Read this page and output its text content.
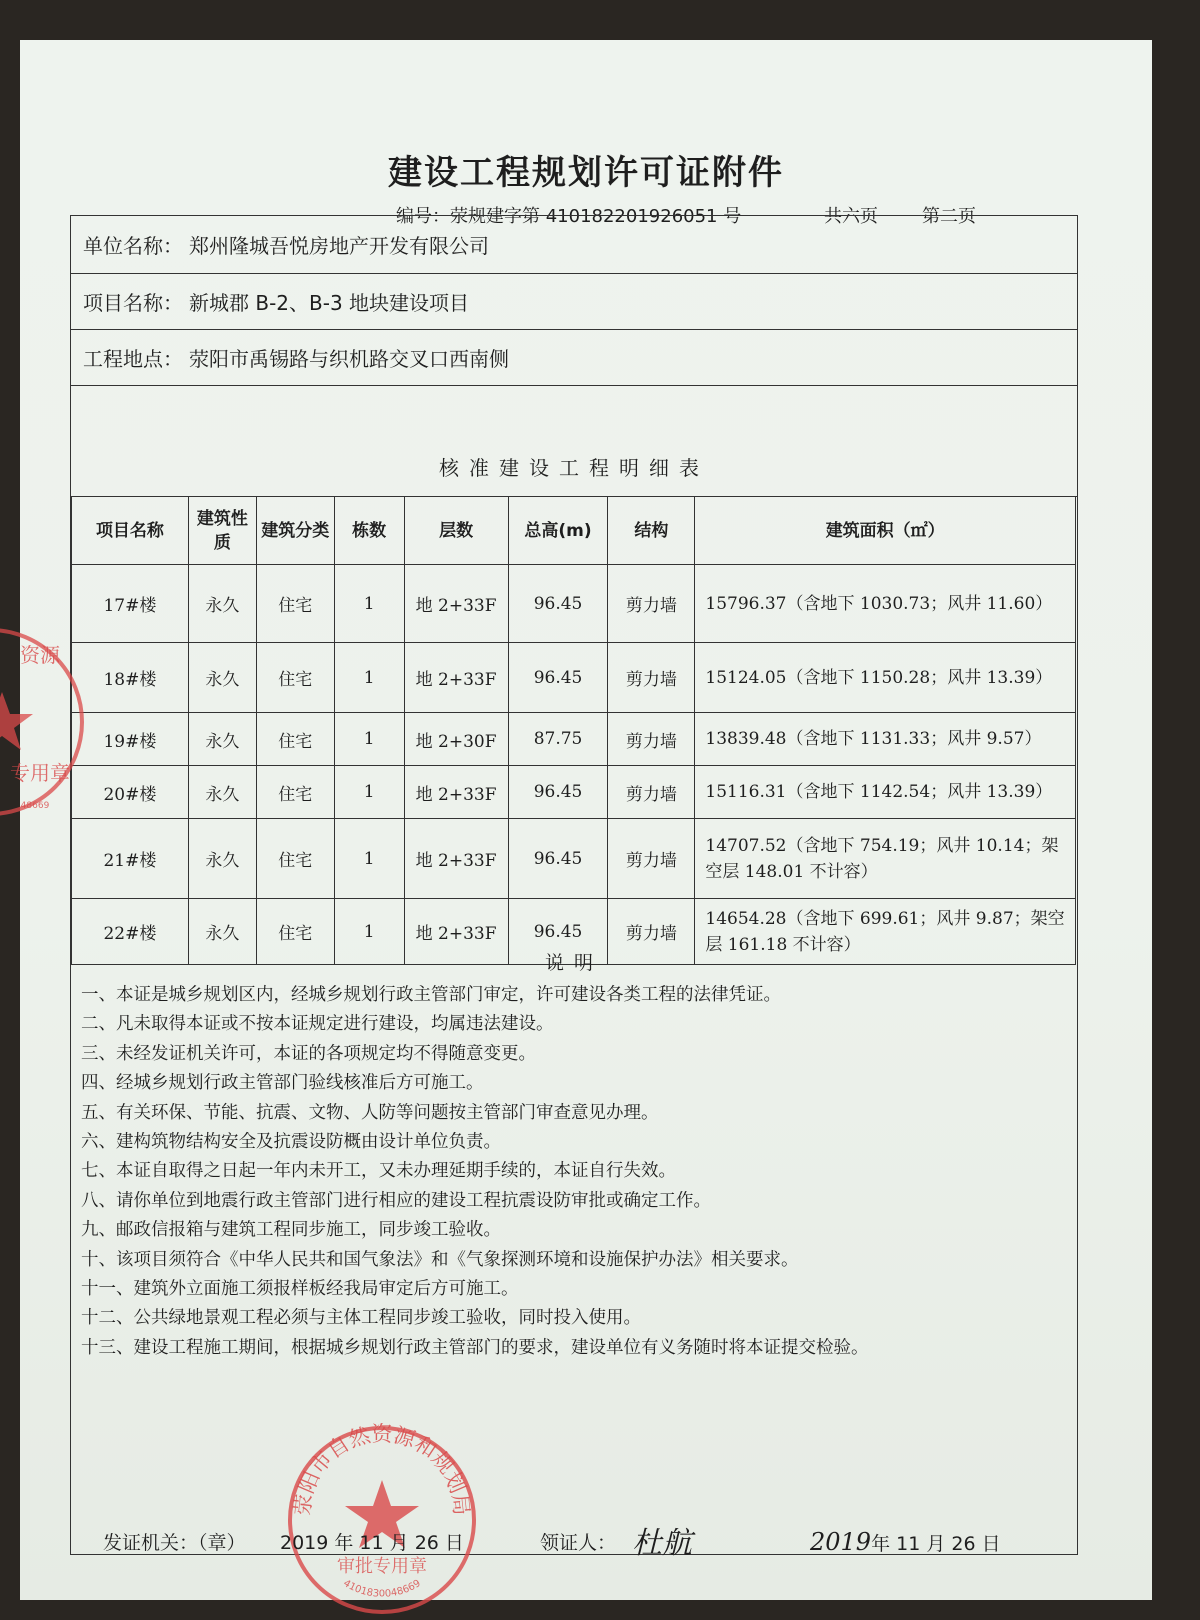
建设工程规划许可证附件
编号：荥规建字第 410182201926051 号	共六页 第二页
单位名称： 郑州隆城吾悦房地产开发有限公司
项目名称： 新城郡 B-2、B-3 地块建设项目
工程地点： 荥阳市禹锡路与织机路交叉口西南侧
核准建设工程明细表
项目名称	建筑性质	建筑分类	栋数	层数	总高(m)	结构	建筑面积（㎡）
17#楼	永久	住宅	1	地 2+33F	96.45	剪力墙	15796.37（含地下 1030.73；风井 11.60）
18#楼	永久	住宅	1	地 2+33F	96.45	剪力墙	15124.05（含地下 1150.28；风井 13.39）
19#楼	永久	住宅	1	地 2+30F	87.75	剪力墙	13839.48（含地下 1131.33；风井 9.57）
20#楼	永久	住宅	1	地 2+33F	96.45	剪力墙	15116.31（含地下 1142.54；风井 13.39）
21#楼	永久	住宅	1	地 2+33F	96.45	剪力墙	14707.52（含地下 754.19；风井 10.14；架空层 148.01 不计容）
22#楼	永久	住宅	1	地 2+33F	96.45	剪力墙	14654.28（含地下 699.61；风井 9.87；架空层 161.18 不计容）
说明
一、本证是城乡规划区内，经城乡规划行政主管部门审定，许可建设各类工程的法律凭证。
二、凡未取得本证或不按本证规定进行建设，均属违法建设。
三、未经发证机关许可，本证的各项规定均不得随意变更。
四、经城乡规划行政主管部门验线核准后方可施工。
五、有关环保、节能、抗震、文物、人防等问题按主管部门审查意见办理。
六、建构筑物结构安全及抗震设防概由设计单位负责。
七、本证自取得之日起一年内未开工，又未办理延期手续的，本证自行失效。
八、请你单位到地震行政主管部门进行相应的建设工程抗震设防审批或确定工作。
九、邮政信报箱与建筑工程同步施工，同步竣工验收。
十、该项目须符合《中华人民共和国气象法》和《气象探测环境和设施保护办法》相关要求。
十一、建筑外立面施工须报样板经我局审定后方可施工。
十二、公共绿地景观工程必须与主体工程同步竣工验收，同时投入使用。
十三、建设工程施工期间，根据城乡规划行政主管部门的要求，建设单位有义务随时将本证提交检验。
荥阳市自然资源和规划局
审批专用章
4101830048669
资源
专用章
48669
发证机关：（章） 2019 年 11 月 26 日	领证人： 杜航	2019年 11 月 26 日
